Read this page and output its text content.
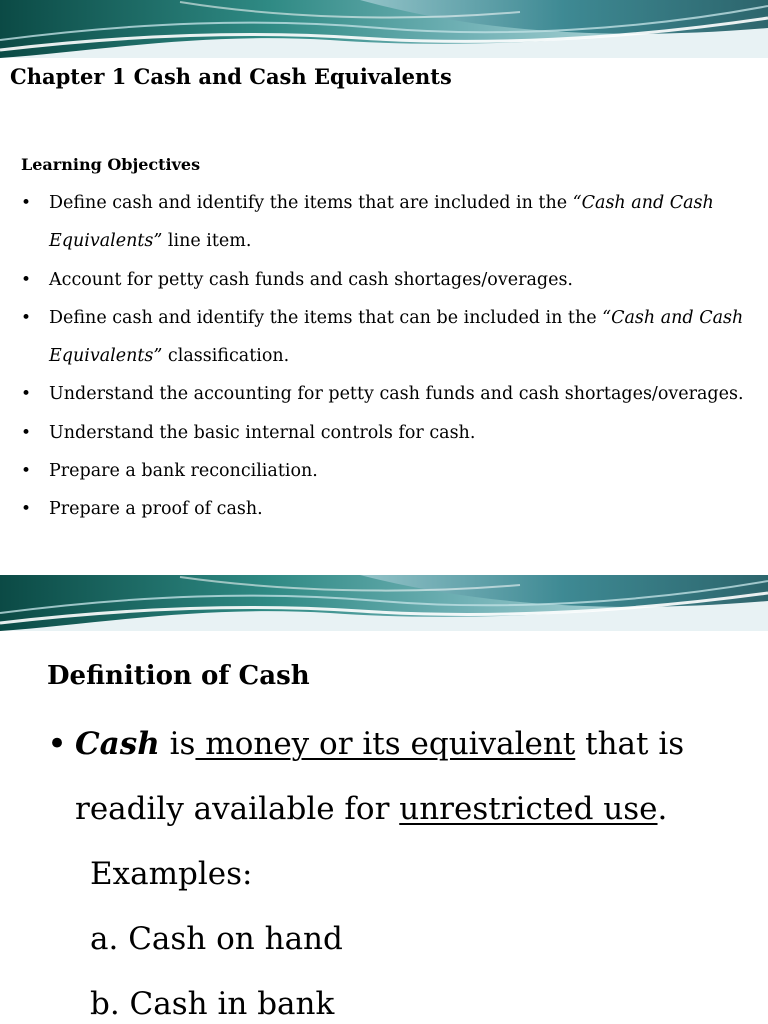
Chapter 1 Cash and Cash Equivalents
Learning Objectives
• Define cash and identify the items that are included in the “Cash and Cash Equivalents” line item.
• Account for petty cash funds and cash shortages/overages.
• Define cash and identify the items that can be included in the “Cash and Cash Equivalents” classification.
• Understand the accounting for petty cash funds and cash shortages/overages.
• Understand the basic internal controls for cash.
• Prepare a bank reconciliation.
• Prepare a proof of cash.
Definition of Cash
• Cash is money or its equivalent that is
readily available for unrestricted use.
Examples:
a. Cash on hand
b. Cash in bank
